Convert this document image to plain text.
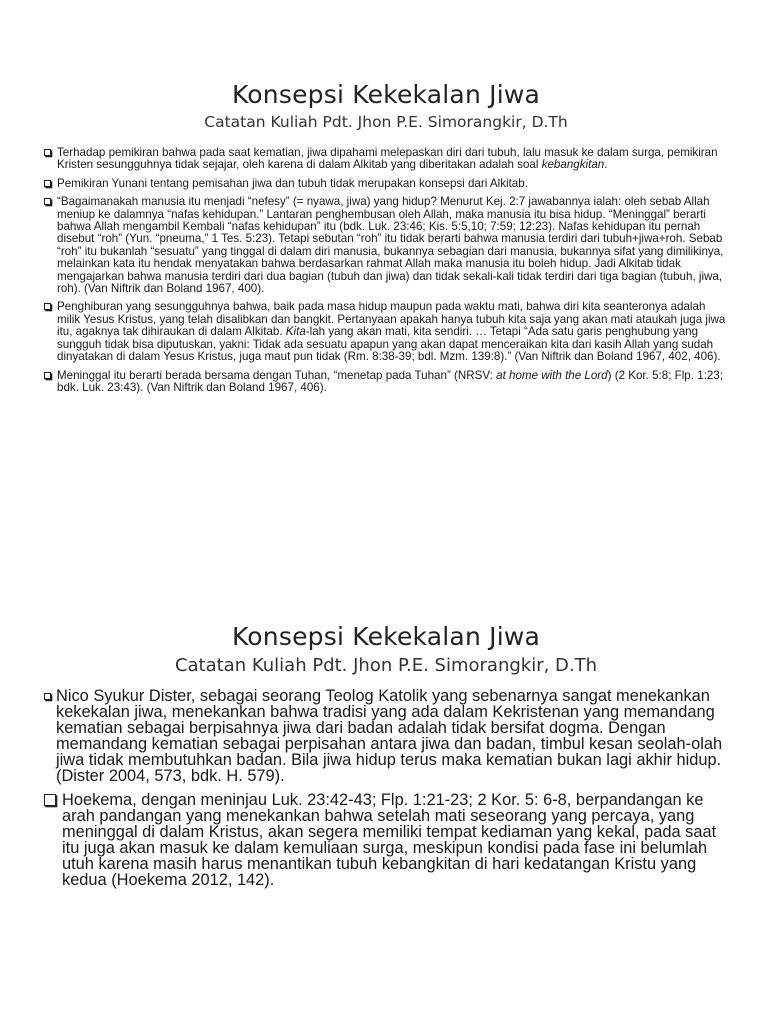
Konsepsi Kekekalan Jiwa
Catatan Kuliah Pdt. Jhon P.E. Simorangkir, D.Th
Terhadap pemikiran bahwa pada saat kematian, jiwa dipahami melepaskan diri dari tubuh, lalu masuk ke dalam surga, pemikiran Kristen sesungguhnya tidak sejajar, oleh karena di dalam Alkitab yang diberitakan adalah soal kebangkitan.
Pemikiran Yunani tentang pemisahan jiwa dan tubuh tidak merupakan konsepsi dari Alkitab.
“Bagaimanakah manusia itu menjadi “nefesy” (= nyawa, jiwa) yang hidup? Menurut Kej. 2:7 jawabannya ialah: oleh sebab Allah meniup ke dalamnya “nafas kehidupan.” Lantaran penghembusan oleh Allah, maka manusia itu bisa hidup. “Meninggal” berarti bahwa Allah mengambil Kembali “nafas kehidupan” itu (bdk. Luk. 23:46; Kis. 5:5,10; 7:59; 12:23). Nafas kehidupan itu pernah disebut “roh” (Yun. “pneuma,” 1 Tes. 5:23). Tetapi sebutan “roh” itu tidak berarti bahwa manusia terdiri dari tubuh+jiwa+roh. Sebab “roh” itu bukanlah “sesuatu” yang tinggal di dalam diri manusia, bukannya sebagian dari manusia, bukannya sifat yang dimilikinya, melainkan kata itu hendak menyatakan bahwa berdasarkan rahmat Allah maka manusia itu boleh hidup. Jadi Alkitab tidak mengajarkan bahwa manusia terdiri dari dua bagian (tubuh dan jiwa) dan tidak sekali-kali tidak terdiri dari tiga bagian (tubuh, jiwa, roh). (Van Niftrik dan Boland 1967, 400).
Penghiburan yang sesungguhnya bahwa, baik pada masa hidup maupun pada waktu mati, bahwa diri kita seanteronya adalah milik Yesus Kristus, yang telah disalibkan dan bangkit. Pertanyaan apakah hanya tubuh kita saja yang akan mati ataukah juga jiwa itu, agaknya tak dihiraukan di dalam Alkitab. Kita-lah yang akan mati, kita sendiri. … Tetapi “Ada satu garis penghubung yang sungguh tidak bisa diputuskan, yakni: Tidak ada sesuatu apapun yang akan dapat menceraikan kita dari kasih Allah yang sudah dinyatakan di dalam Yesus Kristus, juga maut pun tidak (Rm. 8:38-39; bdl. Mzm. 139:8).” (Van Niftrik dan Boland 1967, 402, 406).
Meninggal itu berarti berada bersama dengan Tuhan, “menetap pada Tuhan” (NRSV: at home with the Lord) (2 Kor. 5:8; Flp. 1:23; bdk. Luk. 23:43). (Van Niftrik dan Boland 1967, 406).
Konsepsi Kekekalan Jiwa
Catatan Kuliah Pdt. Jhon P.E. Simorangkir, D.Th
Nico Syukur Dister, sebagai seorang Teolog Katolik yang sebenarnya sangat menekankan kekekalan jiwa, menekankan bahwa tradisi yang ada dalam Kekristenan yang memandang kematian sebagai berpisahnya jiwa dari badan adalah tidak bersifat dogma. Dengan memandang kematian sebagai perpisahan antara jiwa dan badan, timbul kesan seolah-olah jiwa tidak membutuhkan badan. Bila jiwa hidup terus maka kematian bukan lagi akhir hidup. (Dister 2004, 573, bdk. H. 579).
Hoekema, dengan meninjau Luk. 23:42-43; Flp. 1:21-23; 2 Kor. 5: 6-8, berpandangan ke arah pandangan yang menekankan bahwa setelah mati seseorang yang percaya, yang meninggal di dalam Kristus, akan segera memiliki tempat kediaman yang kekal, pada saat itu juga akan masuk ke dalam kemuliaan surga, meskipun kondisi pada fase ini belumlah utuh karena masih harus menantikan tubuh kebangkitan di hari kedatangan Kristu yang kedua (Hoekema 2012, 142).
